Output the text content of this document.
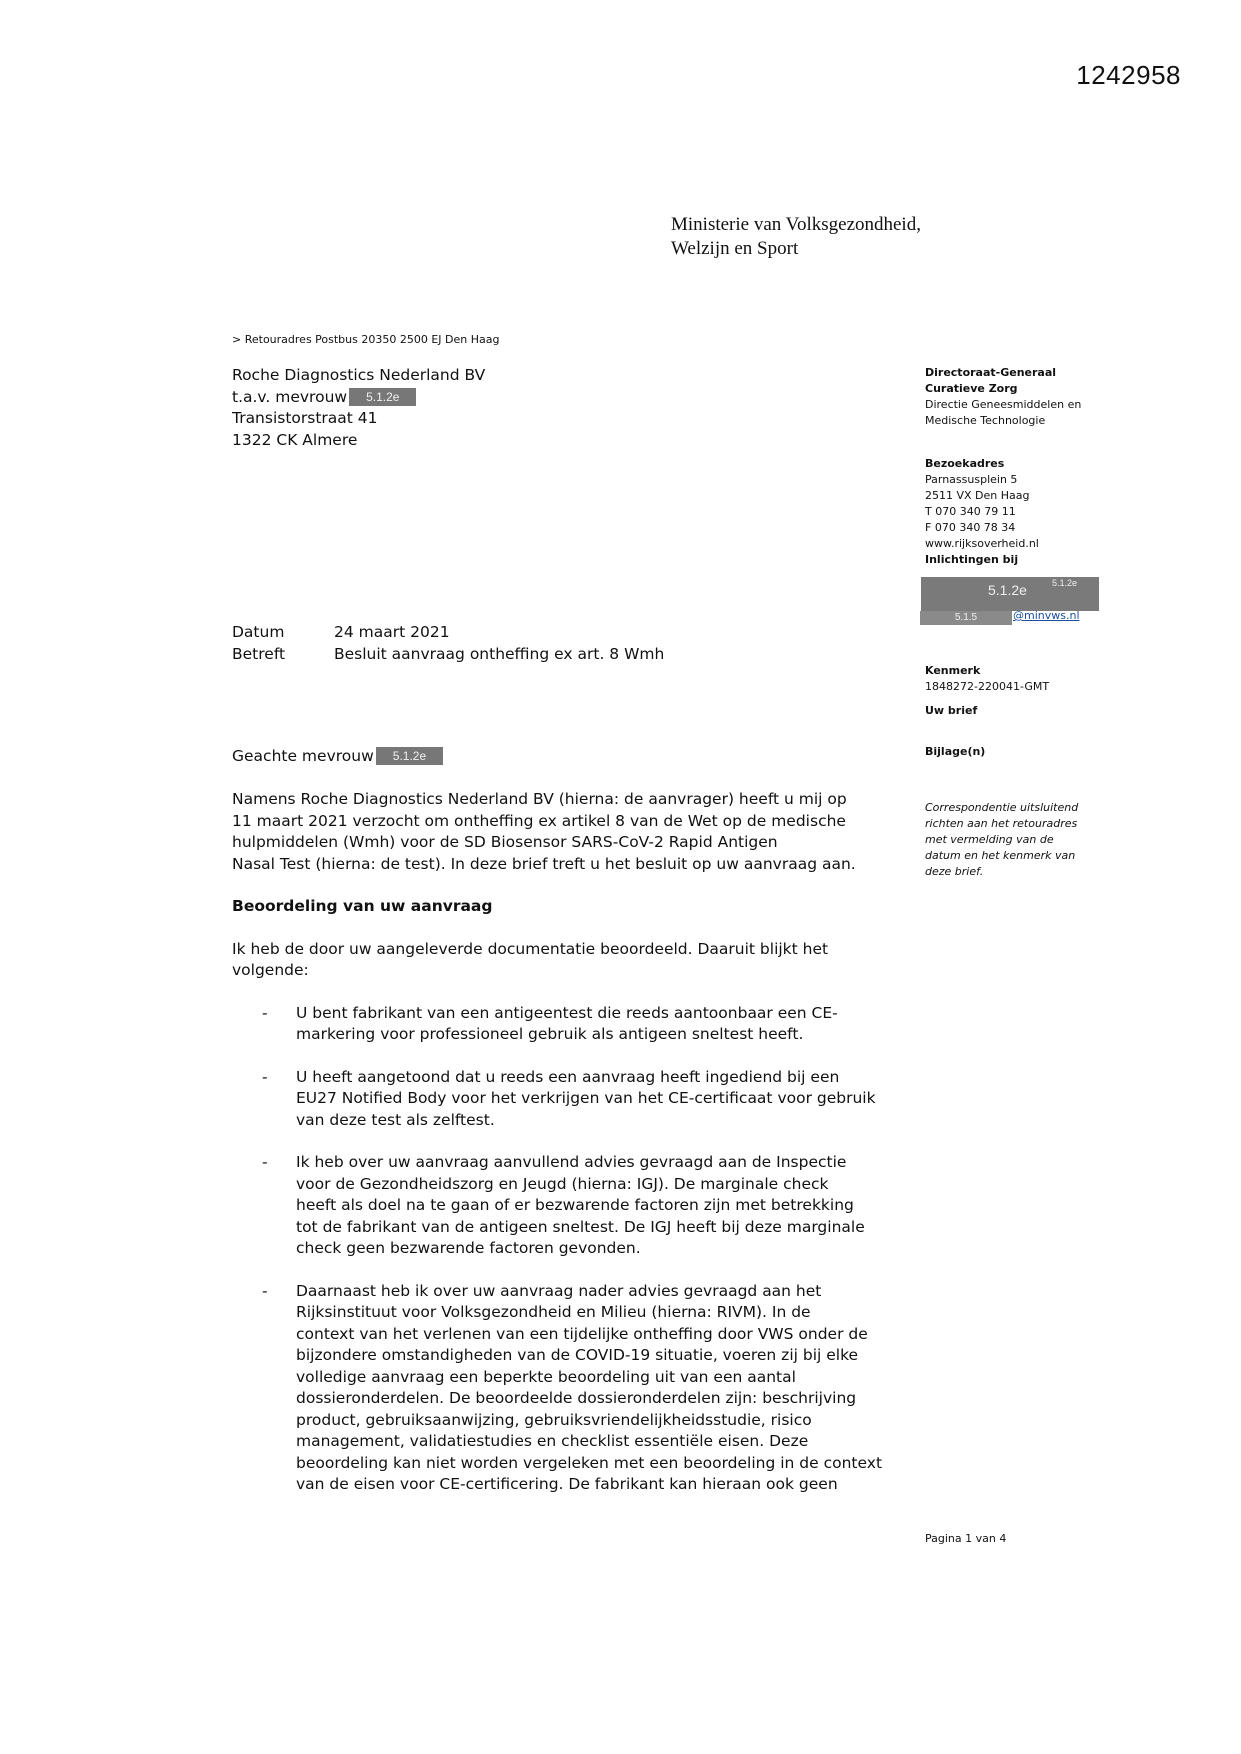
1242958
Ministerie van Volksgezondheid,
Welzijn en Sport
> Retouradres Postbus 20350 2500 EJ Den Haag
Roche Diagnostics Nederland BV
t.a.v. mevrouw 5.1.2e
Transistorstraat 41
1322 CK Almere
Datum	24 maart 2021
Betreft	Besluit aanvraag ontheffing ex art. 8 Wmh
Directoraat-Generaal
Curatieve Zorg
Directie Geneesmiddelen en
Medische Technologie
Bezoekadres
Parnassusplein 5
2511 VX Den Haag
T 070 340 79 11
F 070 340 78 34
www.rijksoverheid.nl
Inlichtingen bij
5.1.2e	5.1.2e
5.1.5	@minvws.nl
Kenmerk
1848272-220041-GMT
Uw brief
Bijlage(n)
Correspondentie uitsluitend
richten aan het retouradres
met vermelding van de
datum en het kenmerk van
deze brief.
Geachte mevrouw 5.1.2e

Namens Roche Diagnostics Nederland BV (hierna: de aanvrager) heeft u mij op
11 maart 2021 verzocht om ontheffing ex artikel 8 van de Wet op de medische
hulpmiddelen (Wmh) voor de SD Biosensor SARS-CoV-2 Rapid Antigen
Nasal Test (hierna: de test). In deze brief treft u het besluit op uw aanvraag aan.

Beoordeling van uw aanvraag

Ik heb de door uw aangeleverde documentatie beoordeeld. Daaruit blijkt het
volgende:

-	U bent fabrikant van een antigeentest die reeds aantoonbaar een CE-
markering voor professioneel gebruik als antigeen sneltest heeft.
-	U heeft aangetoond dat u reeds een aanvraag heeft ingediend bij een
EU27 Notified Body voor het verkrijgen van het CE-certificaat voor gebruik
van deze test als zelftest.
-	Ik heb over uw aanvraag aanvullend advies gevraagd aan de Inspectie
voor de Gezondheidszorg en Jeugd (hierna: IGJ). De marginale check
heeft als doel na te gaan of er bezwarende factoren zijn met betrekking
tot de fabrikant van de antigeen sneltest. De IGJ heeft bij deze marginale
check geen bezwarende factoren gevonden.
-	Daarnaast heb ik over uw aanvraag nader advies gevraagd aan het
Rijksinstituut voor Volksgezondheid en Milieu (hierna: RIVM). In de
context van het verlenen van een tijdelijke ontheffing door VWS onder de
bijzondere omstandigheden van de COVID-19 situatie, voeren zij bij elke
volledige aanvraag een beperkte beoordeling uit van een aantal
dossieronderdelen. De beoordeelde dossieronderdelen zijn: beschrijving
product, gebruiksaanwijzing, gebruiksvriendelijkheidsstudie, risico
management, validatiestudies en checklist essentiële eisen. Deze
beoordeling kan niet worden vergeleken met een beoordeling in de context
van de eisen voor CE-certificering. De fabrikant kan hieraan ook geen
Pagina 1 van 4
